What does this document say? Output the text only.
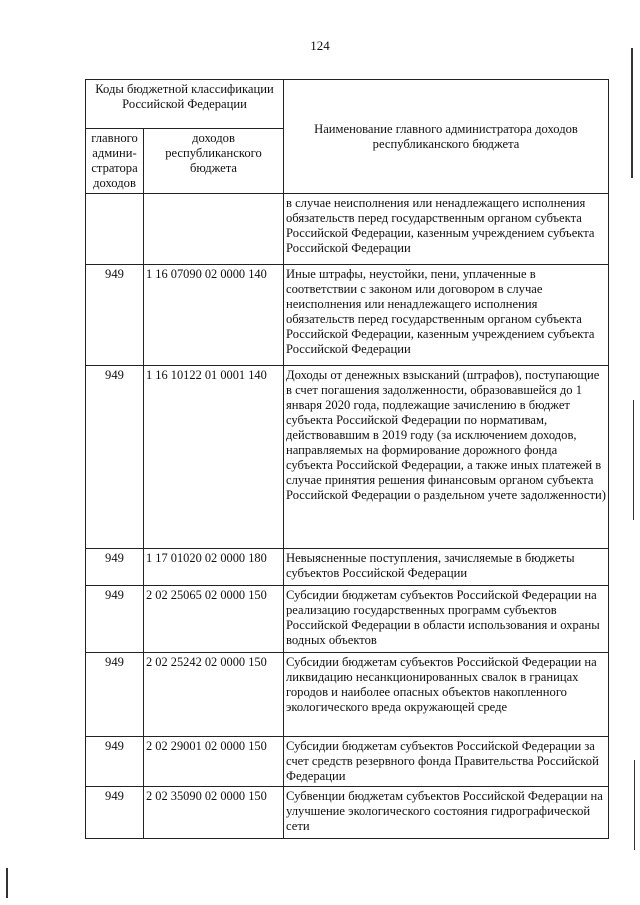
124
Коды бюджетной классификации Российской Федерации		Наименование главного администратора доходов республиканского бюджета
главного админи-стратора доходов	доходов республиканского бюджета	
		в случае неисполнения или ненадлежащего исполнения обязательств перед государственным органом субъекта Российской Федерации, казенным учреждением субъекта Российской Федерации
949	1 16 07090 02 0000 140	Иные штрафы, неустойки, пени, уплаченные в соответствии с законом или договором в случае неисполнения или ненадлежащего исполнения обязательств перед государственным органом субъекта Российской Федерации, казенным учреждением субъекта Российской Федерации
949	1 16 10122 01 0001 140	Доходы от денежных взысканий (штрафов), поступающие в счет погашения задолженности, образовавшейся до 1 января 2020 года, подлежащие зачислению в бюджет субъекта Российской Федерации по нормативам, действовавшим в 2019 году (за исключением доходов, направляемых на формирование дорожного фонда субъекта Российской Федерации, а также иных платежей в случае принятия решения финансовым органом субъекта Российской Федерации о раздельном учете задолженности)
949	1 17 01020 02 0000 180	Невыясненные поступления, зачисляемые в бюджеты субъектов Российской Федерации
949	2 02 25065 02 0000 150	Субсидии бюджетам субъектов Российской Федерации на реализацию государственных программ субъектов Российской Федерации в области использования и охраны водных объектов
949	2 02 25242 02 0000 150	Субсидии бюджетам субъектов Российской Федерации на ликвидацию несанкционированных свалок в границах городов и наиболее опасных объектов накопленного экологического вреда окружающей среде
949	2 02 29001 02 0000 150	Субсидии бюджетам субъектов Российской Федерации за счет средств резервного фонда Правительства Российской Федерации
949	2 02 35090 02 0000 150	Субвенции бюджетам субъектов Российской Федерации на улучшение экологического состояния гидрографической сети
